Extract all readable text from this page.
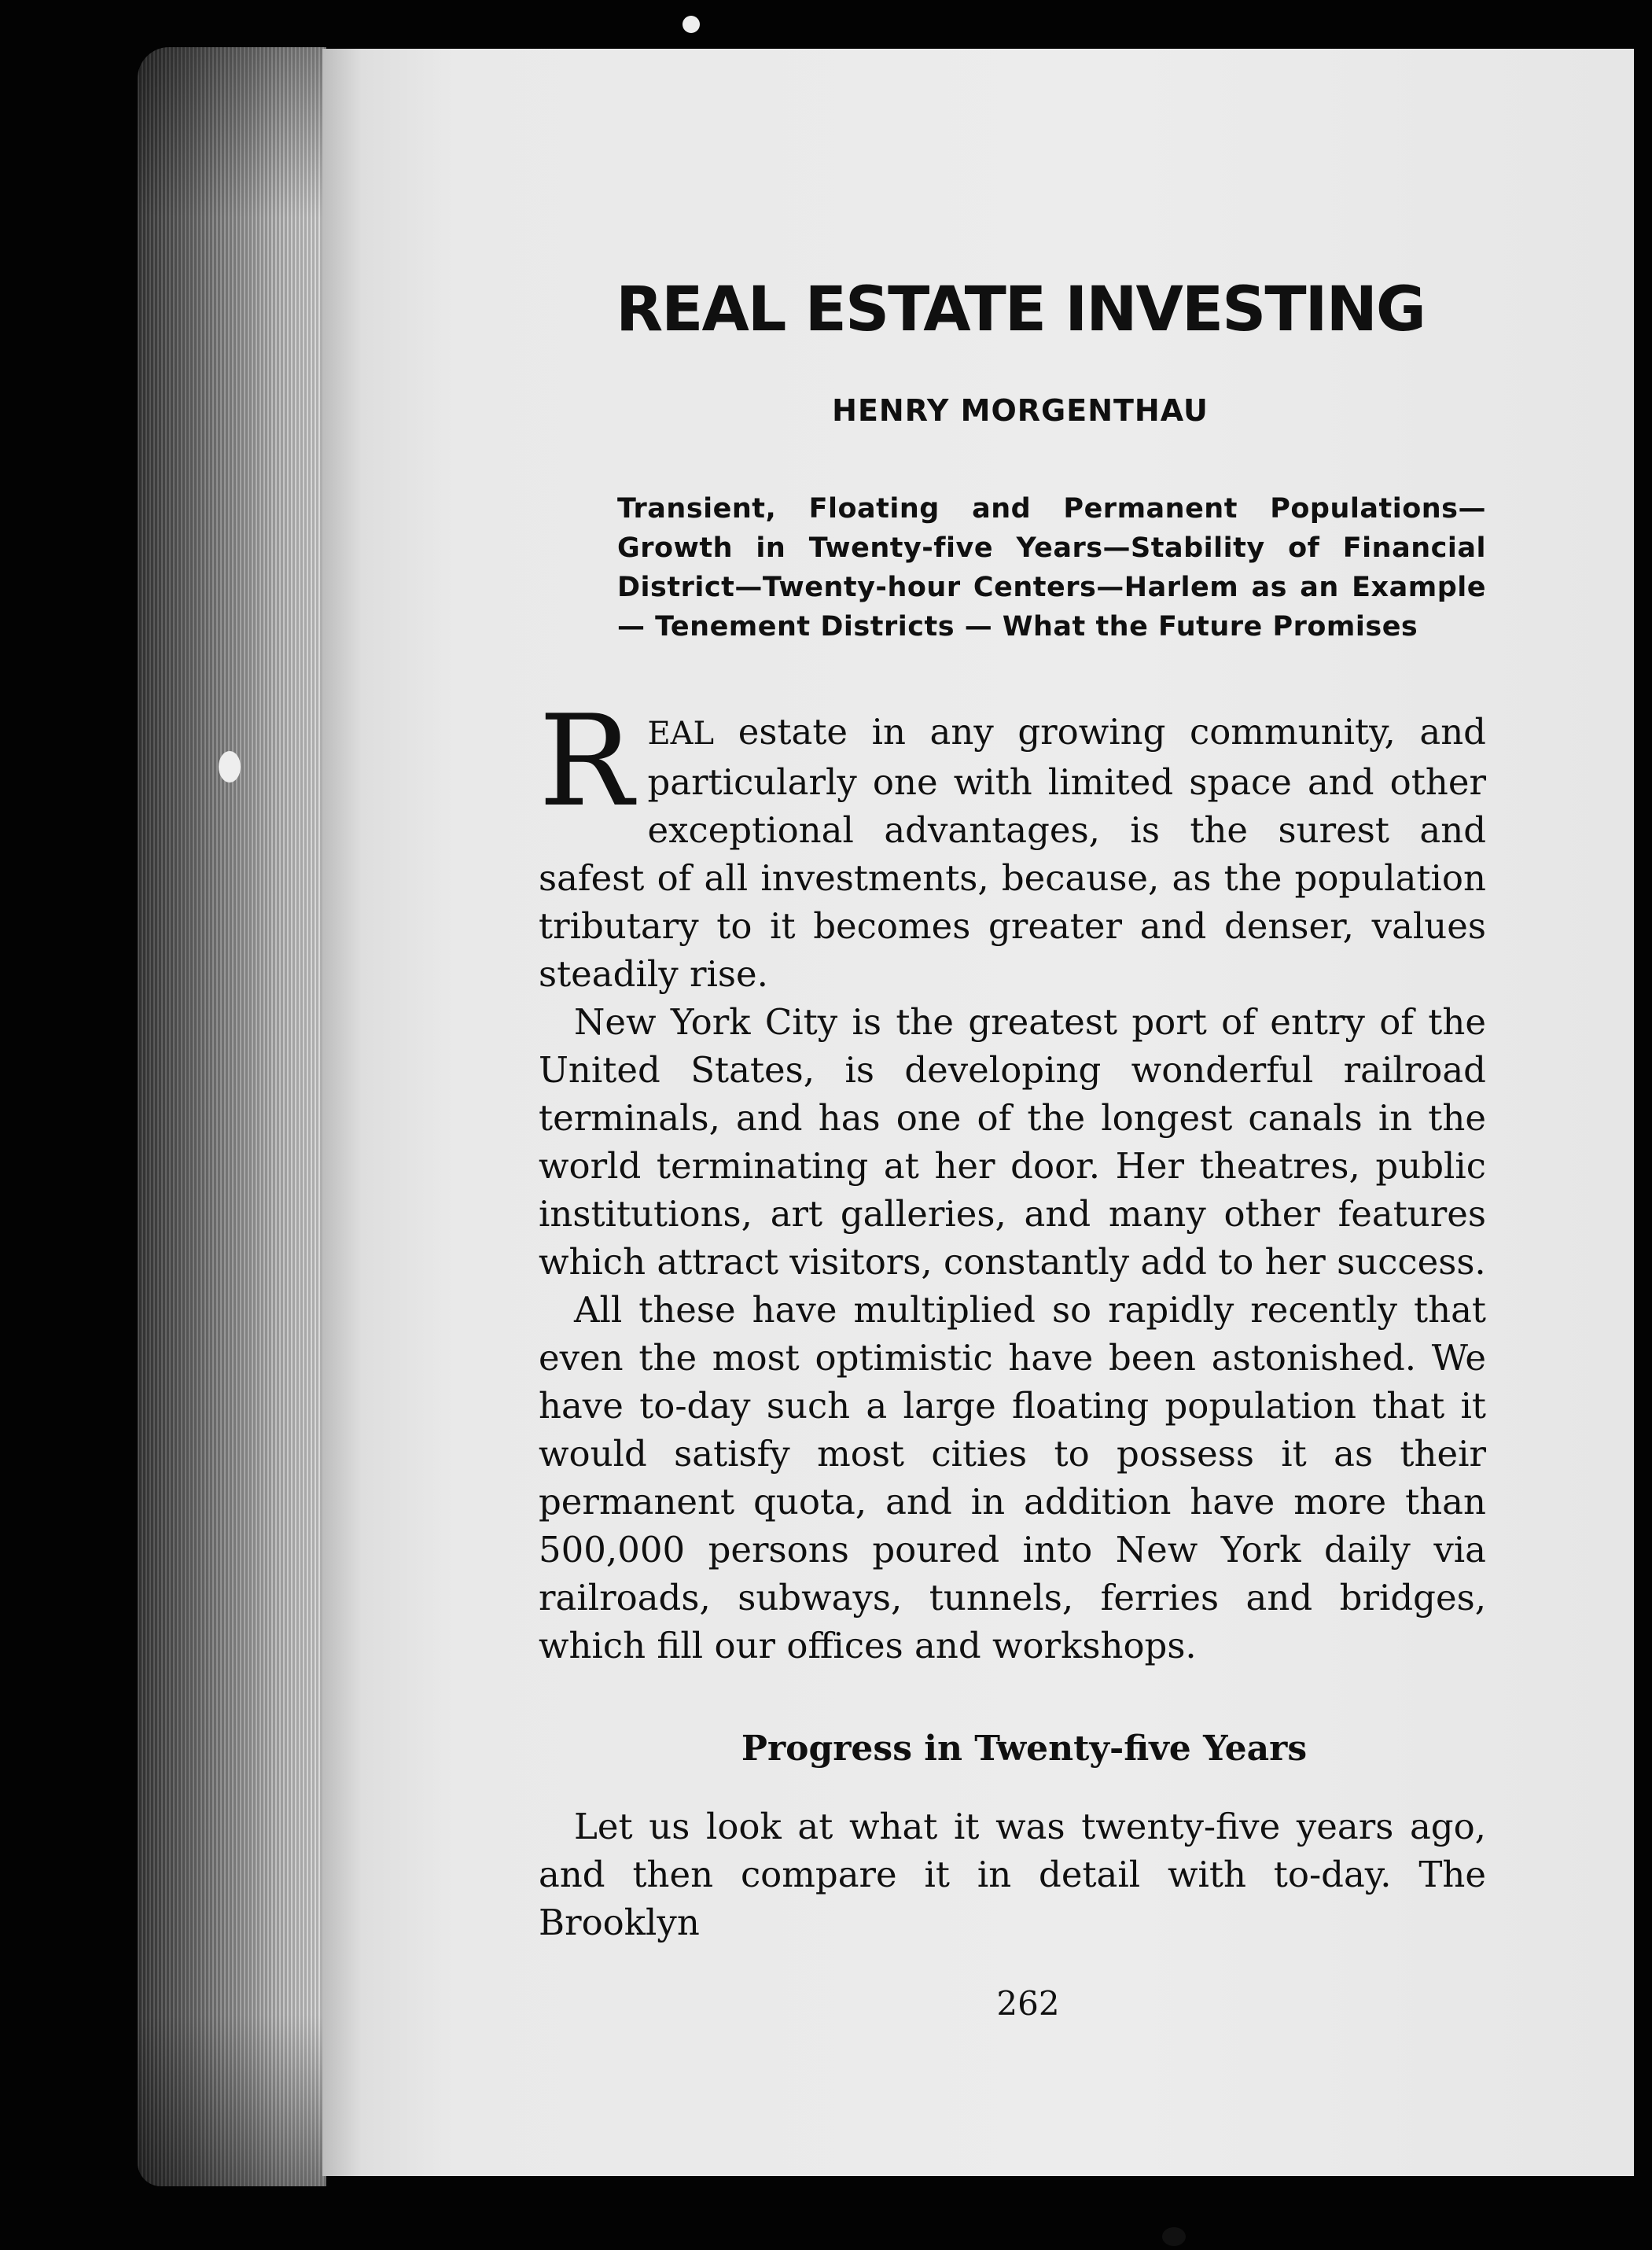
REAL ESTATE INVESTING
HENRY MORGENTHAU
Transient, Floating and Permanent Populations—Growth in Twenty-five Years—Stability of Financial District—Twenty-hour Centers—Harlem as an Example — Tenement Districts — What the Future Promises

REAL estate in any growing community, and particularly one with limited space and other exceptional advantages, is the surest and safest of all investments, because, as the population tributary to it becomes greater and denser, values steadily rise.

New York City is the greatest port of entry of the United States, is developing wonderful railroad terminals, and has one of the longest canals in the world terminating at her door. Her theatres, public institutions, art galleries, and many other features which attract visitors, constantly add to her success.

All these have multiplied so rapidly recently that even the most optimistic have been astonished. We have to-day such a large floating population that it would satisfy most cities to possess it as their permanent quota, and in addition have more than 500,000 persons poured into New York daily via railroads, subways, tunnels, ferries and bridges, which fill our offices and workshops.

Progress in Twenty-five Years

Let us look at what it was twenty-five years ago, and then compare it in detail with to-day. The Brooklyn

262
